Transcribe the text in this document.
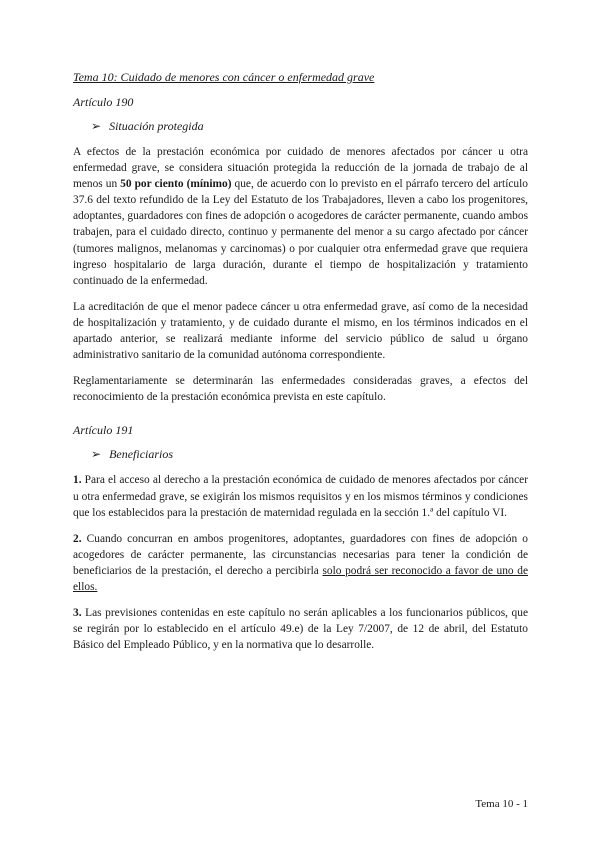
Tema 10: Cuidado de menores con cáncer o enfermedad grave
Artículo 190
➢ Situación protegida

A efectos de la prestación económica por cuidado de menores afectados por cáncer u otra enfermedad grave, se considera situación protegida la reducción de la jornada de trabajo de al menos un 50 por ciento (mínimo) que, de acuerdo con lo previsto en el párrafo tercero del artículo 37.6 del texto refundido de la Ley del Estatuto de los Trabajadores, lleven a cabo los progenitores, adoptantes, guardadores con fines de adopción o acogedores de carácter permanente, cuando ambos trabajen, para el cuidado directo, continuo y permanente del menor a su cargo afectado por cáncer (tumores malignos, melanomas y carcinomas) o por cualquier otra enfermedad grave que requiera ingreso hospitalario de larga duración, durante el tiempo de hospitalización y tratamiento continuado de la enfermedad.

La acreditación de que el menor padece cáncer u otra enfermedad grave, así como de la necesidad de hospitalización y tratamiento, y de cuidado durante el mismo, en los términos indicados en el apartado anterior, se realizará mediante informe del servicio público de salud u órgano administrativo sanitario de la comunidad autónoma correspondiente.

Reglamentariamente se determinarán las enfermedades consideradas graves, a efectos del reconocimiento de la prestación económica prevista en este capítulo.

Artículo 191
➢ Beneficiarios

1. Para el acceso al derecho a la prestación económica de cuidado de menores afectados por cáncer u otra enfermedad grave, se exigirán los mismos requisitos y en los mismos términos y condiciones que los establecidos para la prestación de maternidad regulada en la sección 1.ª del capítulo VI.

2. Cuando concurran en ambos progenitores, adoptantes, guardadores con fines de adopción o acogedores de carácter permanente, las circunstancias necesarias para tener la condición de beneficiarios de la prestación, el derecho a percibirla solo podrá ser reconocido a favor de uno de ellos.

3. Las previsiones contenidas en este capítulo no serán aplicables a los funcionarios públicos, que se regirán por lo establecido en el artículo 49.e) de la Ley 7/2007, de 12 de abril, del Estatuto Básico del Empleado Público, y en la normativa que lo desarrolle.

Tema 10 - 1
